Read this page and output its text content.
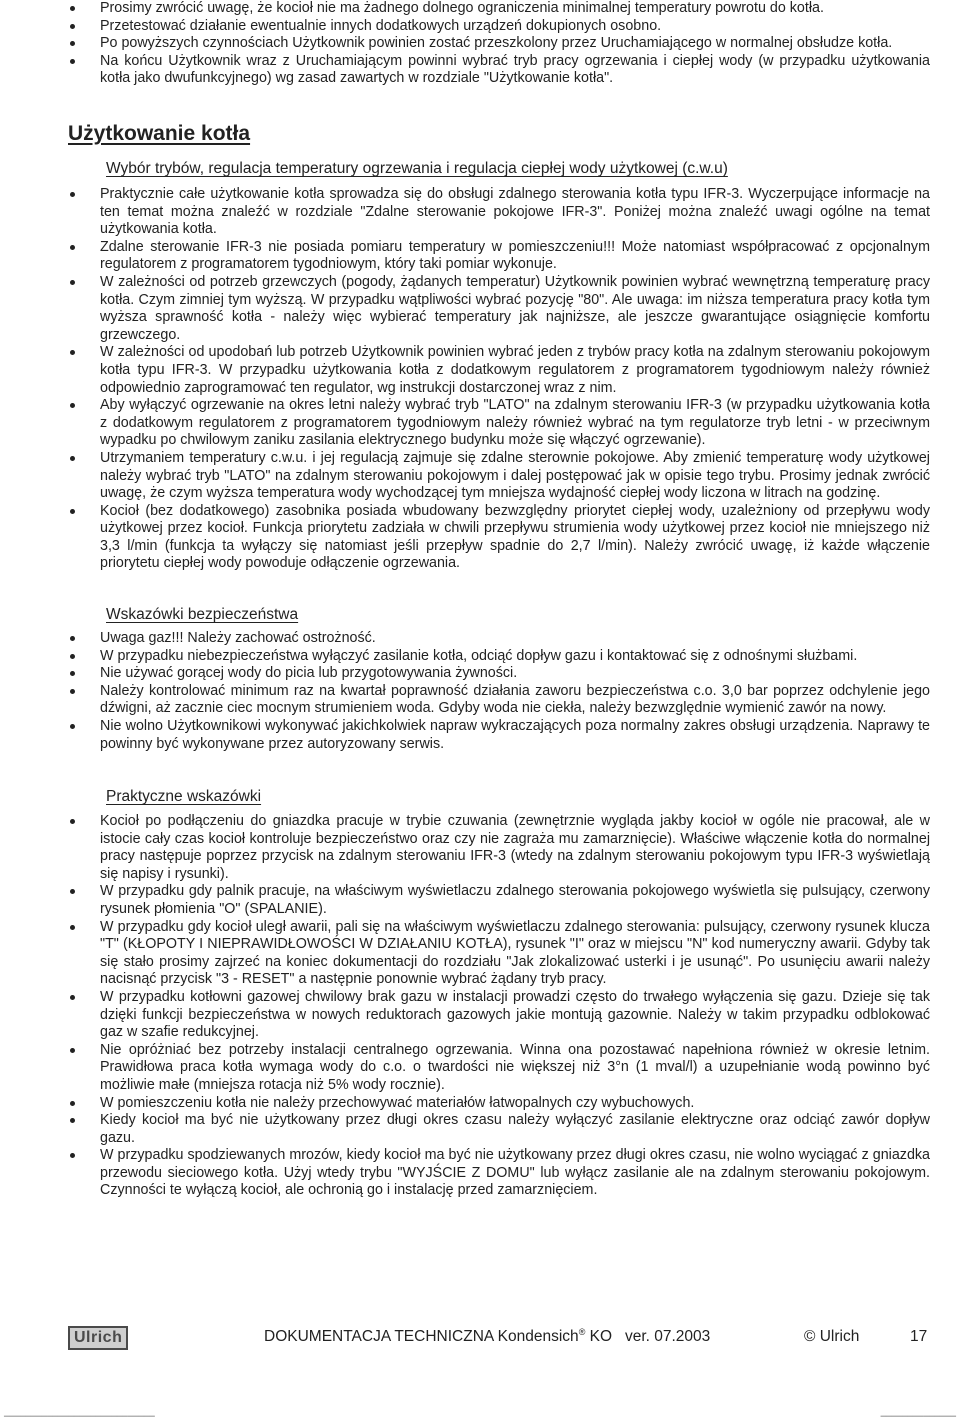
Prosimy zwrócić uwagę, że kocioł nie ma żadnego dolnego ograniczenia minimalnej temperatury powrotu do kotła.
Przetestować działanie ewentualnie innych dodatkowych urządzeń dokupionych osobno.
Po powyższych czynnościach Użytkownik powinien zostać przeszkolony przez Uruchamiającego w normalnej obsłudze kotła.
Na końcu Użytkownik wraz z Uruchamiającym powinni wybrać tryb pracy ogrzewania i ciepłej wody (w przypadku użytkowania kotła jako dwufunkcyjnego) wg zasad zawartych w rozdziale "Użytkowanie kotła".
Użytkowanie kotła
Wybór trybów, regulacja temperatury ogrzewania i regulacja ciepłej wody użytkowej (c.w.u)
Praktycznie całe użytkowanie kotła sprowadza się do obsługi zdalnego sterowania kotła typu IFR-3. Wyczerpujące informacje na ten temat można znaleźć w rozdziale "Zdalne sterowanie pokojowe IFR-3". Poniżej można znaleźć uwagi ogólne na temat użytkowania kotła.
Zdalne sterowanie IFR-3 nie posiada pomiaru temperatury w pomieszczeniu!!! Może natomiast współpracować z opcjonalnym regulatorem z programatorem tygodniowym, który taki pomiar wykonuje.
W zależności od potrzeb grzewczych (pogody, żądanych temperatur) Użytkownik powinien wybrać wewnętrzną temperaturę pracy kotła. Czym zimniej tym wyższą. W przypadku wątpliwości wybrać pozycję "80". Ale uwaga: im niższa temperatura pracy kotła tym wyższa sprawność kotła - należy więc wybierać temperatury jak najniższe, ale jeszcze gwarantujące osiągnięcie komfortu grzewczego.
W zależności od upodobań lub potrzeb Użytkownik powinien wybrać jeden z trybów pracy kotła na zdalnym sterowaniu pokojowym kotła typu IFR-3. W przypadku użytkowania kotła z dodatkowym regulatorem z programatorem tygodniowym należy również odpowiednio zaprogramować ten regulator, wg instrukcji dostarczonej wraz z nim.
Aby wyłączyć ogrzewanie na okres letni należy wybrać tryb "LATO" na zdalnym sterowaniu IFR-3 (w przypadku użytkowania kotła z dodatkowym regulatorem z programatorem tygodniowym należy również wybrać na tym regulatorze tryb letni - w przeciwnym wypadku po chwilowym zaniku zasilania elektrycznego budynku może się włączyć ogrzewanie).
Utrzymaniem temperatury c.w.u. i jej regulacją zajmuje się zdalne sterownie pokojowe. Aby zmienić temperaturę wody użytkowej należy wybrać tryb "LATO" na zdalnym sterowaniu pokojowym i dalej postępować jak w opisie tego trybu. Prosimy jednak zwrócić uwagę, że czym wyższa temperatura wody wychodzącej tym mniejsza wydajność ciepłej wody liczona w litrach na godzinę.
Kocioł (bez dodatkowego) zasobnika posiada wbudowany bezwzględny priorytet ciepłej wody, uzależniony od przepływu wody użytkowej przez kocioł. Funkcja priorytetu zadziała w chwili przepływu strumienia wody użytkowej przez kocioł nie mniejszego niż 3,3 l/min (funkcja ta wyłączy się natomiast jeśli przepływ spadnie do 2,7 l/min). Należy zwrócić uwagę, iż każde włączenie priorytetu ciepłej wody powoduje odłączenie ogrzewania.
Wskazówki bezpieczeństwa
Uwaga gaz!!! Należy zachować ostrożność.
W przypadku niebezpieczeństwa wyłączyć zasilanie kotła, odciąć dopływ gazu i kontaktować się z odnośnymi służbami.
Nie używać gorącej wody do picia lub przygotowywania żywności.
Należy kontrolować minimum raz na kwartał poprawność działania zaworu bezpieczeństwa c.o. 3,0 bar poprzez odchylenie jego dźwigni, aż zacznie ciec mocnym strumieniem woda. Gdyby woda nie ciekła, należy bezwzględnie wymienić zawór na nowy.
Nie wolno Użytkownikowi wykonywać jakichkolwiek napraw wykraczających poza normalny zakres obsługi urządzenia. Naprawy te powinny być wykonywane przez autoryzowany serwis.
Praktyczne wskazówki
Kocioł po podłączeniu do gniazdka pracuje w trybie czuwania (zewnętrznie wygląda jakby kocioł w ogóle nie pracował, ale w istocie cały czas kocioł kontroluje bezpieczeństwo oraz czy nie zagraża mu zamarznięcie). Właściwe włączenie kotła do normalnej pracy następuje poprzez przycisk na zdalnym sterowaniu IFR-3 (wtedy na zdalnym sterowaniu pokojowym typu IFR-3 wyświetlają się napisy i rysunki).
W przypadku gdy palnik pracuje, na właściwym wyświetlaczu zdalnego sterowania pokojowego wyświetla się pulsujący, czerwony rysunek płomienia "O" (SPALANIE).
W przypadku gdy kocioł uległ awarii, pali się na właściwym wyświetlaczu zdalnego sterowania: pulsujący, czerwony rysunek klucza "T" (KŁOPOTY I NIEPRAWIDŁOWOŚCI W DZIAŁANIU KOTŁA), rysunek "I" oraz w miejscu "N" kod numeryczny awarii. Gdyby tak się stało prosimy zajrzeć na koniec dokumentacji do rozdziału "Jak zlokalizować usterki i je usunąć". Po usunięciu awarii należy nacisnąć przycisk "3 - RESET" a następnie ponownie wybrać żądany tryb pracy.
W przypadku kotłowni gazowej chwilowy brak gazu w instalacji prowadzi często do trwałego wyłączenia się gazu. Dzieje się tak dzięki funkcji bezpieczeństwa w nowych reduktorach gazowych jakie montują gazownie. Należy w takim przypadku odblokować gaz w szafie redukcyjnej.
Nie opróżniać bez potrzeby instalacji centralnego ogrzewania. Winna ona pozostawać napełniona również w okresie letnim. Prawidłowa praca kotła wymaga wody do c.o. o twardości nie większej niż 3°n (1 mval/l) a uzupełnianie wodą powinno być możliwie małe (mniejsza rotacja niż 5% wody rocznie).
W pomieszczeniu kotła nie należy przechowywać materiałów łatwopalnych czy wybuchowych.
Kiedy kocioł ma być nie użytkowany przez długi okres czasu należy wyłączyć zasilanie elektryczne oraz odciąć zawór dopływ gazu.
W przypadku spodziewanych mrozów, kiedy kocioł ma być nie użytkowany przez długi okres czasu, nie wolno wyciągać z gniazdka przewodu sieciowego kotła. Użyj wtedy trybu "WYJŚCIE Z DOMU" lub wyłącz zasilanie ale na zdalnym sterowaniu pokojowym. Czynności te wyłączą kocioł, ale ochronią go i instalację przed zamarznięciem.
Ulrich	DOKUMENTACJA TECHNICZNA Kondensich® KO   ver. 07.2003	© Ulrich	17
▁▁▁▁▁▁▁▁▁▁▁▁▁▁▁▁▁▁▁▁▁▁▁▁▁▁▁▁	▁▁▁▁▁▁▁▁▁▁▁▁▁▁
